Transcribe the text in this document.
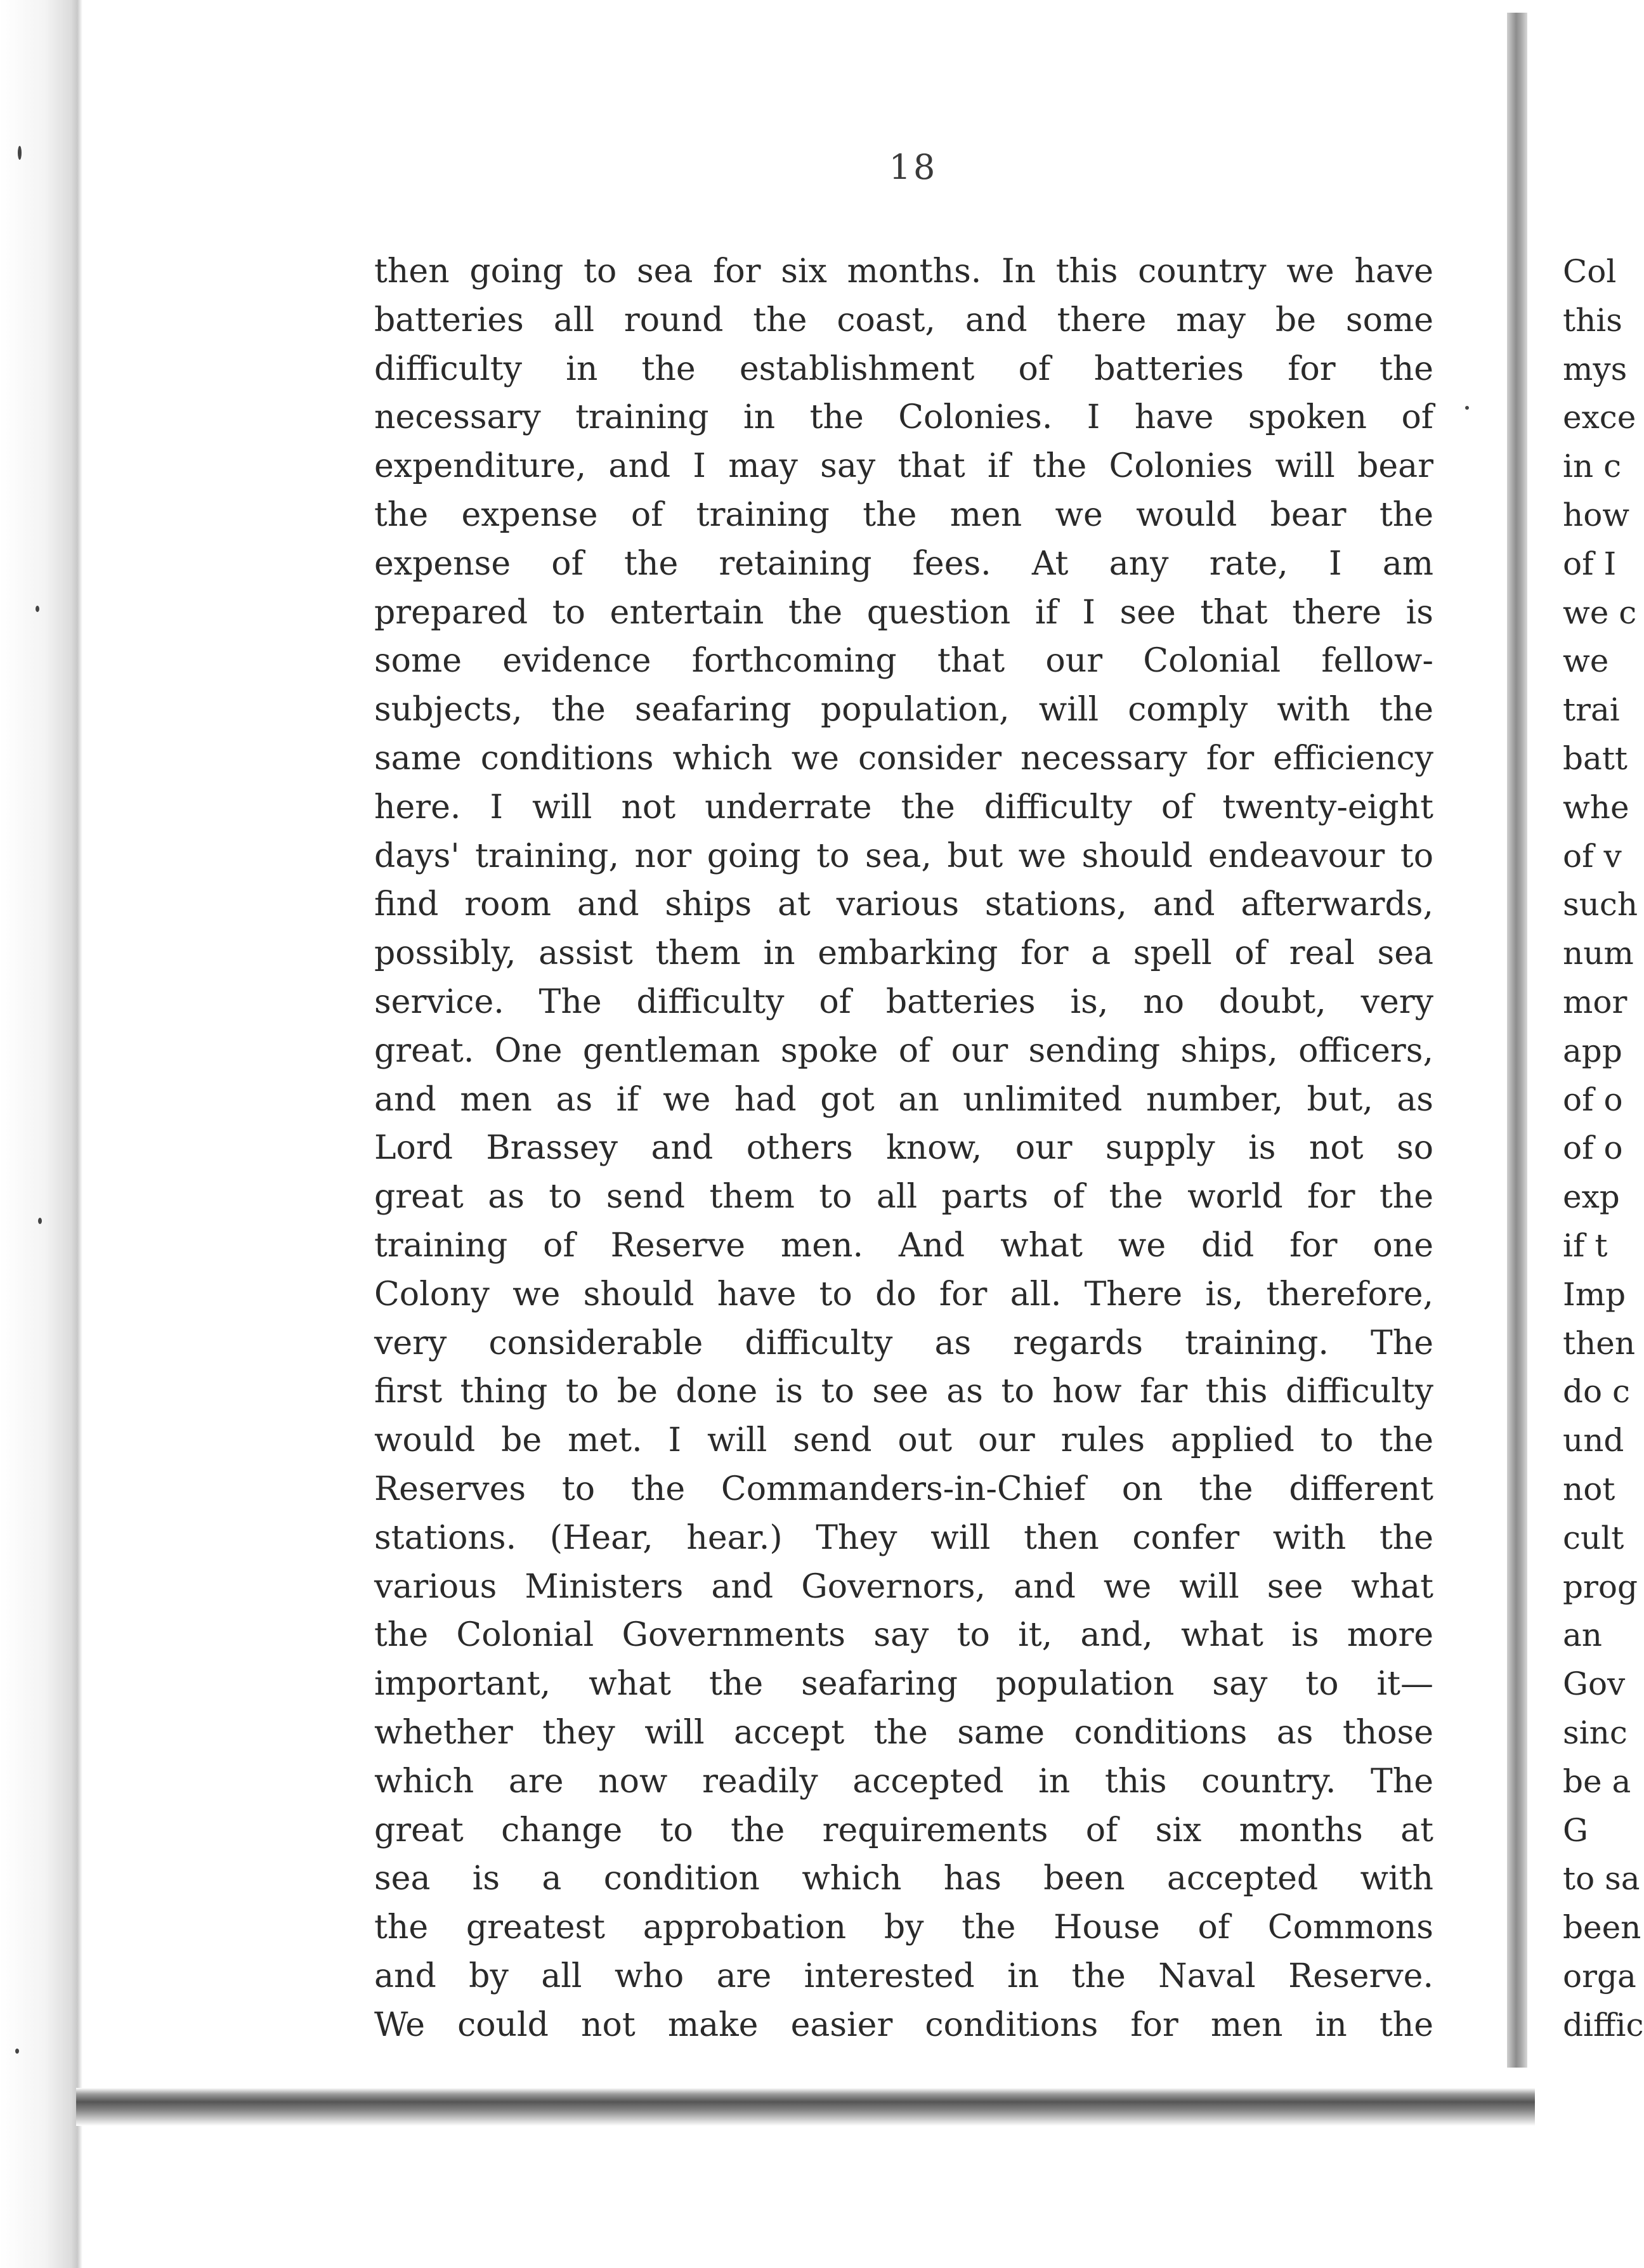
18
then going to sea for six months. In this country we have
batteries all round the coast, and there may be some
difficulty in the establishment of batteries for the
necessary training in the Colonies. I have spoken of
expenditure, and I may say that if the Colonies will bear
the expense of training the men we would bear the
expense of the retaining fees. At any rate, I am
prepared to entertain the question if I see that there is
some evidence forthcoming that our Colonial fellow-
subjects, the seafaring population, will comply with the
same conditions which we consider necessary for efficiency
here. I will not underrate the difficulty of twenty-eight
days' training, nor going to sea, but we should endeavour to
find room and ships at various stations, and afterwards,
possibly, assist them in embarking for a spell of real sea
service. The difficulty of batteries is, no doubt, very
great. One gentleman spoke of our sending ships, officers,
and men as if we had got an unlimited number, but, as
Lord Brassey and others know, our supply is not so
great as to send them to all parts of the world for the
training of Reserve men. And what we did for one
Colony we should have to do for all. There is, therefore,
very considerable difficulty as regards training. The
first thing to be done is to see as to how far this difficulty
would be met. I will send out our rules applied to the
Reserves to the Commanders-in-Chief on the different
stations. (Hear, hear.) They will then confer with the
various Ministers and Governors, and we will see what
the Colonial Governments say to it, and, what is more
important, what the seafaring population say to it—
whether they will accept the same conditions as those
which are now readily accepted in this country. The
great change to the requirements of six months at
sea is a condition which has been accepted with
the greatest approbation by the House of Commons
and by all who are interested in the Naval Reserve.
We could not make easier conditions for men in the
Col
this
mys
exce
in c
how
of I
we c
we
trai
batt
whe
of v
such
num
mor
app
of o
of o
exp
if t
Imp
then
do c
und
not
cult
prog
an
Gov
sinc
be a
G
to sa
been
orga
diffic
